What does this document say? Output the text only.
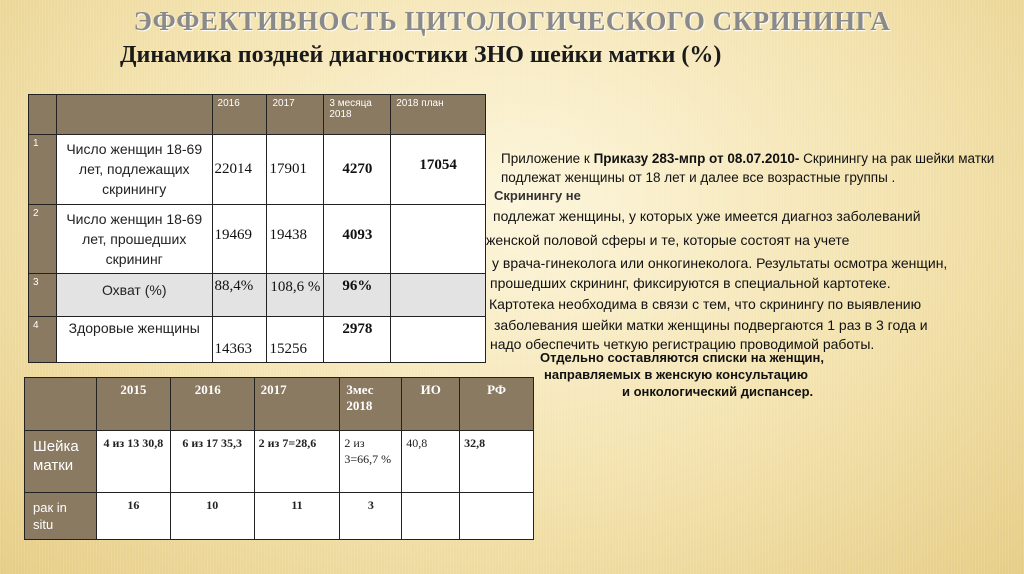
ЭФФЕКТИВНОСТЬ ЦИТОЛОГИЧЕСКОГО СКРИНИНГА
Динамика поздней диагностики ЗНО шейки матки (%)
		2016	2017	3 месяца 2018	2018 план
1	Число женщин 18-69 лет, подлежащих скринингу	22014	17901	4270	17054
2	Число женщин 18-69 лет, прошедших скрининг	19469	19438	4093	
3	Охват (%)	88,4%	108,6 %	96%	
4	Здоровые женщины	14363	15256	2978	
	2015	2016	2017	3мес 2018	ИО	РФ
Шейка матки	4 из 13 30,8	6 из 17 35,3	2 из 7=28,6	2 из 3=66,7 %	40,8	32,8
рак in situ	16	10	11	3		
Приложение к Приказу 283-мпр от 08.07.2010- Скринингу на рак шейки матки подлежат женщины от 18 лет и далее все возрастные группы .
Скринингу не
подлежат женщины, у которых уже имеется диагноз заболеваний
женской половой сферы и те, которые состоят на учете
у врача-гинеколога или онкогинеколога. Результаты осмотра женщин,
прошедших скрининг, фиксируются в специальной картотеке.
Картотека необходима в связи с тем, что скринингу по выявлению
заболевания шейки матки женщины подвергаются 1 раз в 3 года и
надо обеспечить четкую регистрацию проводимой работы.
Отдельно составляются списки на женщин,
направляемых в женскую консультацию
и онкологический диспансер.
